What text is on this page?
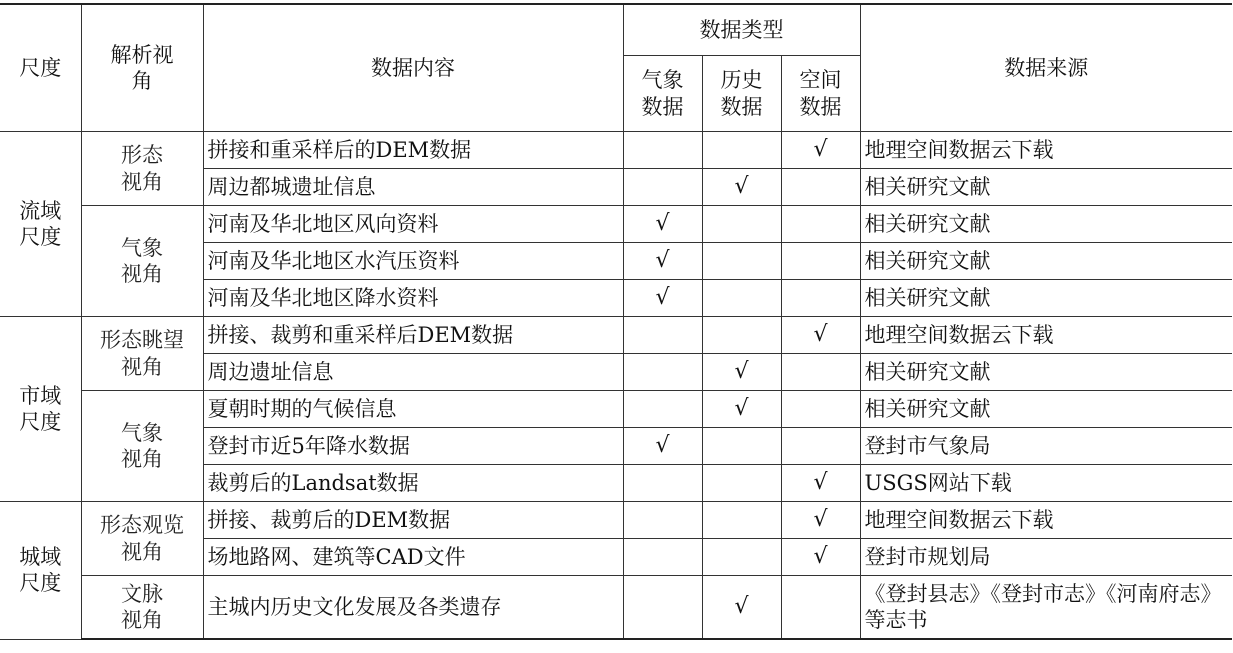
尺度	解析视角	数据内容	数据类型			数据来源
			气象数据	历史数据	空间数据	
流域尺度	形态视角	拼接和重采样后的DEM数据			√	地理空间数据云下载
		周边都城遗址信息		√		相关研究文献
	气象视角	河南及华北地区风向资料	√			相关研究文献
		河南及华北地区水汽压资料	√			相关研究文献
		河南及华北地区降水资料	√			相关研究文献
市域尺度	形态眺望视角	拼接、裁剪和重采样后DEM数据			√	地理空间数据云下载
		周边遗址信息		√		相关研究文献
	气象视角	夏朝时期的气候信息		√		相关研究文献
		登封市近5年降水数据	√			登封市气象局
		裁剪后的Landsat数据			√	USGS网站下载
城域尺度	形态观览视角	拼接、裁剪后的DEM数据			√	地理空间数据云下载
		场地路网、建筑等CAD文件			√	登封市规划局
	文脉视角	主城内历史文化发展及各类遗存		√		《登封县志》《登封市志》《河南府志》等志书
